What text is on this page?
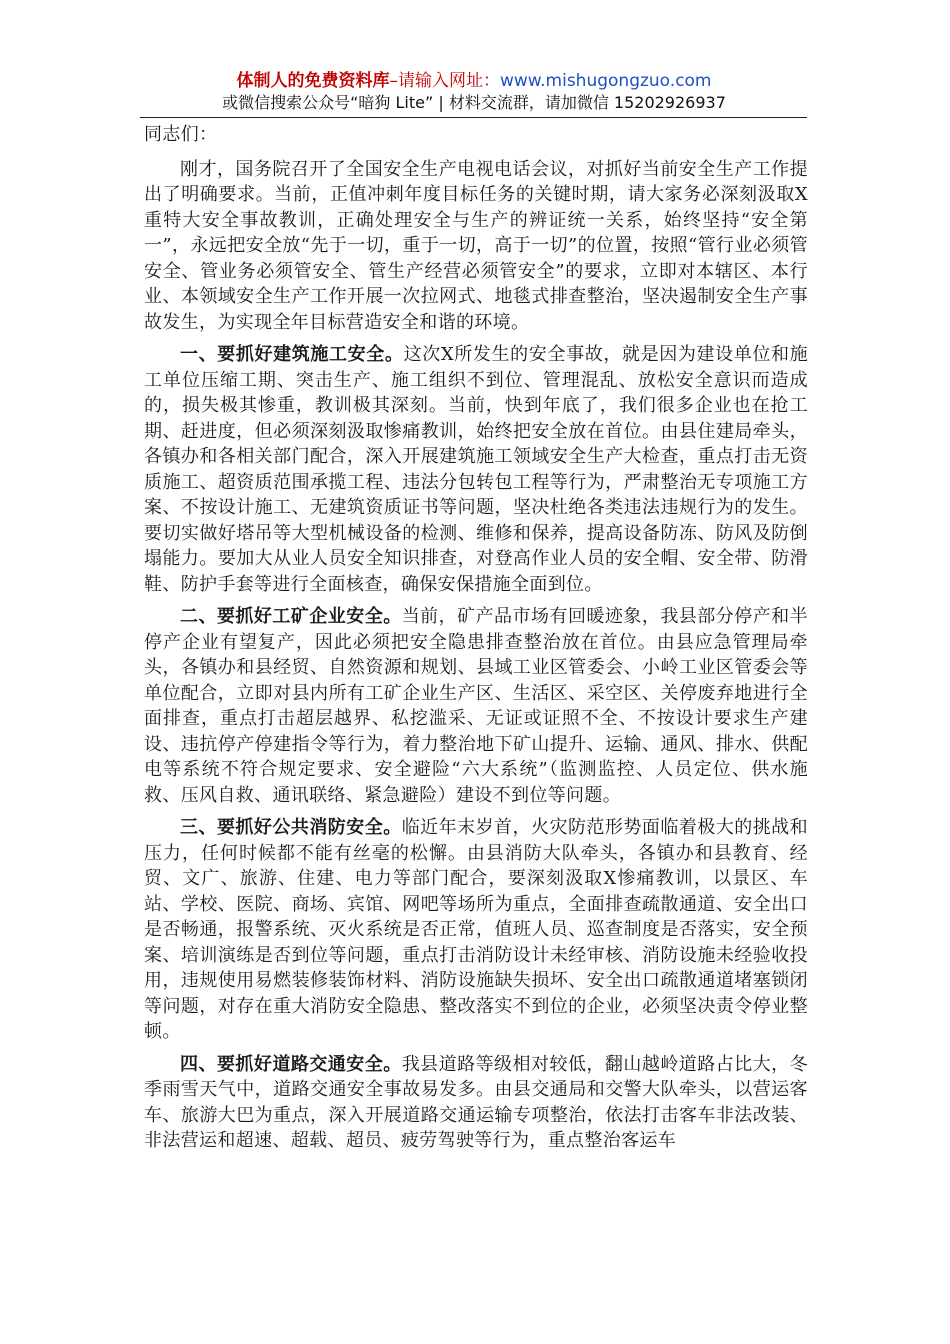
体制人的免费资料库–请输入网址：www.mishugongzuo.com
或微信搜索公众号“暗狗 Lite” | 材料交流群，请加微信 15202926937

同志们：

刚才，国务院召开了全国安全生产电视电话会议，对抓好当前安全生产工作提出了明确要求。当前，正值冲刺年度目标任务的关键时期，请大家务必深刻汲取X重特大安全事故教训，正确处理安全与生产的辨证统一关系，始终坚持“安全第一”，永远把安全放“先于一切，重于一切，高于一切”的位置，按照“管行业必须管安全、管业务必须管安全、管生产经营必须管安全”的要求，立即对本辖区、本行业、本领域安全生产工作开展一次拉网式、地毯式排查整治，坚决遏制安全生产事故发生，为实现全年目标营造安全和谐的环境。

一、要抓好建筑施工安全。这次X所发生的安全事故，就是因为建设单位和施工单位压缩工期、突击生产、施工组织不到位、管理混乱、放松安全意识而造成的，损失极其惨重，教训极其深刻。当前，快到年底了，我们很多企业也在抢工期、赶进度，但必须深刻汲取惨痛教训，始终把安全放在首位。由县住建局牵头，各镇办和各相关部门配合，深入开展建筑施工领域安全生产大检查，重点打击无资质施工、超资质范围承揽工程、违法分包转包工程等行为，严肃整治无专项施工方案、不按设计施工、无建筑资质证书等问题，坚决杜绝各类违法违规行为的发生。要切实做好塔吊等大型机械设备的检测、维修和保养，提高设备防冻、防风及防倒塌能力。要加大从业人员安全知识排查，对登高作业人员的安全帽、安全带、防滑鞋、防护手套等进行全面核查，确保安保措施全面到位。

二、要抓好工矿企业安全。当前，矿产品市场有回暖迹象，我县部分停产和半停产企业有望复产，因此必须把安全隐患排查整治放在首位。由县应急管理局牵头，各镇办和县经贸、自然资源和规划、县域工业区管委会、小岭工业区管委会等单位配合，立即对县内所有工矿企业生产区、生活区、采空区、关停废弃地进行全面排查，重点打击超层越界、私挖滥采、无证或证照不全、不按设计要求生产建设、违抗停产停建指令等行为，着力整治地下矿山提升、运输、通风、排水、供配电等系统不符合规定要求、安全避险“六大系统”（监测监控、人员定位、供水施救、压风自救、通讯联络、紧急避险）建设不到位等问题。

三、要抓好公共消防安全。临近年末岁首，火灾防范形势面临着极大的挑战和压力，任何时候都不能有丝毫的松懈。由县消防大队牵头，各镇办和县教育、经贸、文广、旅游、住建、电力等部门配合，要深刻汲取X惨痛教训，以景区、车站、学校、医院、商场、宾馆、网吧等场所为重点，全面排查疏散通道、安全出口是否畅通，报警系统、灭火系统是否正常，值班人员、巡查制度是否落实，安全预案、培训演练是否到位等问题，重点打击消防设计未经审核、消防设施未经验收投用，违规使用易燃装修装饰材料、消防设施缺失损坏、安全出口疏散通道堵塞锁闭等问题，对存在重大消防安全隐患、整改落实不到位的企业，必须坚决责令停业整顿。

四、要抓好道路交通安全。我县道路等级相对较低，翻山越岭道路占比大，冬季雨雪天气中，道路交通安全事故易发多。由县交通局和交警大队牵头，以营运客车、旅游大巴为重点，深入开展道路交通运输专项整治，依法打击客车非法改装、非法营运和超速、超载、超员、疲劳驾驶等行为，重点整治客运车
